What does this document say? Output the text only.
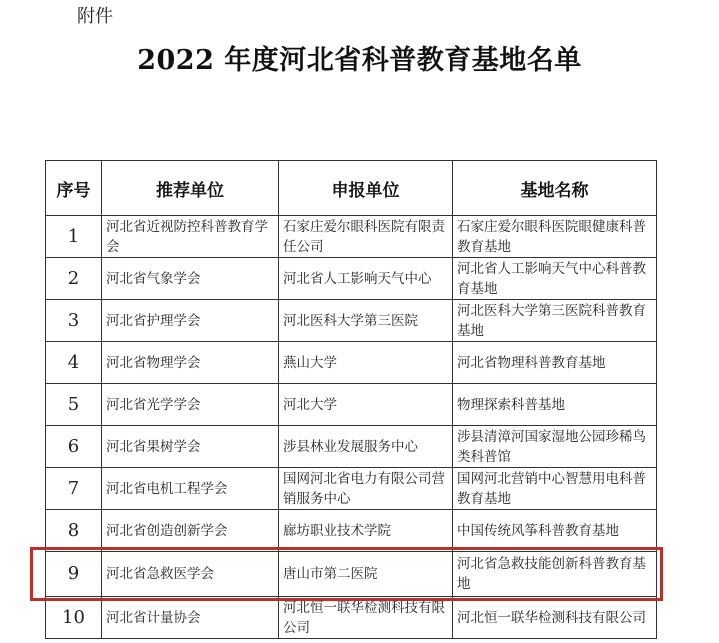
附件
2022 年度河北省科普教育基地名单
序号	推荐单位	申报单位	基地名称
1	河北省近视防控科普教育学会	石家庄爱尔眼科医院有限责任公司	石家庄爱尔眼科医院眼健康科普教育基地
2	河北省气象学会	河北省人工影响天气中心	河北省人工影响天气中心科普教育基地
3	河北省护理学会	河北医科大学第三医院	河北医科大学第三医院科普教育基地
4	河北省物理学会	燕山大学	河北省物理科普教育基地
5	河北省光学学会	河北大学	物理探索科普基地
6	河北省果树学会	涉县林业发展服务中心	涉县清漳河国家湿地公园珍稀鸟类科普馆
7	河北省电机工程学会	国网河北省电力有限公司营销服务中心	国网河北营销中心智慧用电科普教育基地
8	河北省创造创新学会	廊坊职业技术学院	中国传统风筝科普教育基地
9	河北省急救医学会	唐山市第二医院	河北省急救技能创新科普教育基地
10	河北省计量协会	河北恒一联华检测科技有限公司	河北恒一联华检测科技有限公司
